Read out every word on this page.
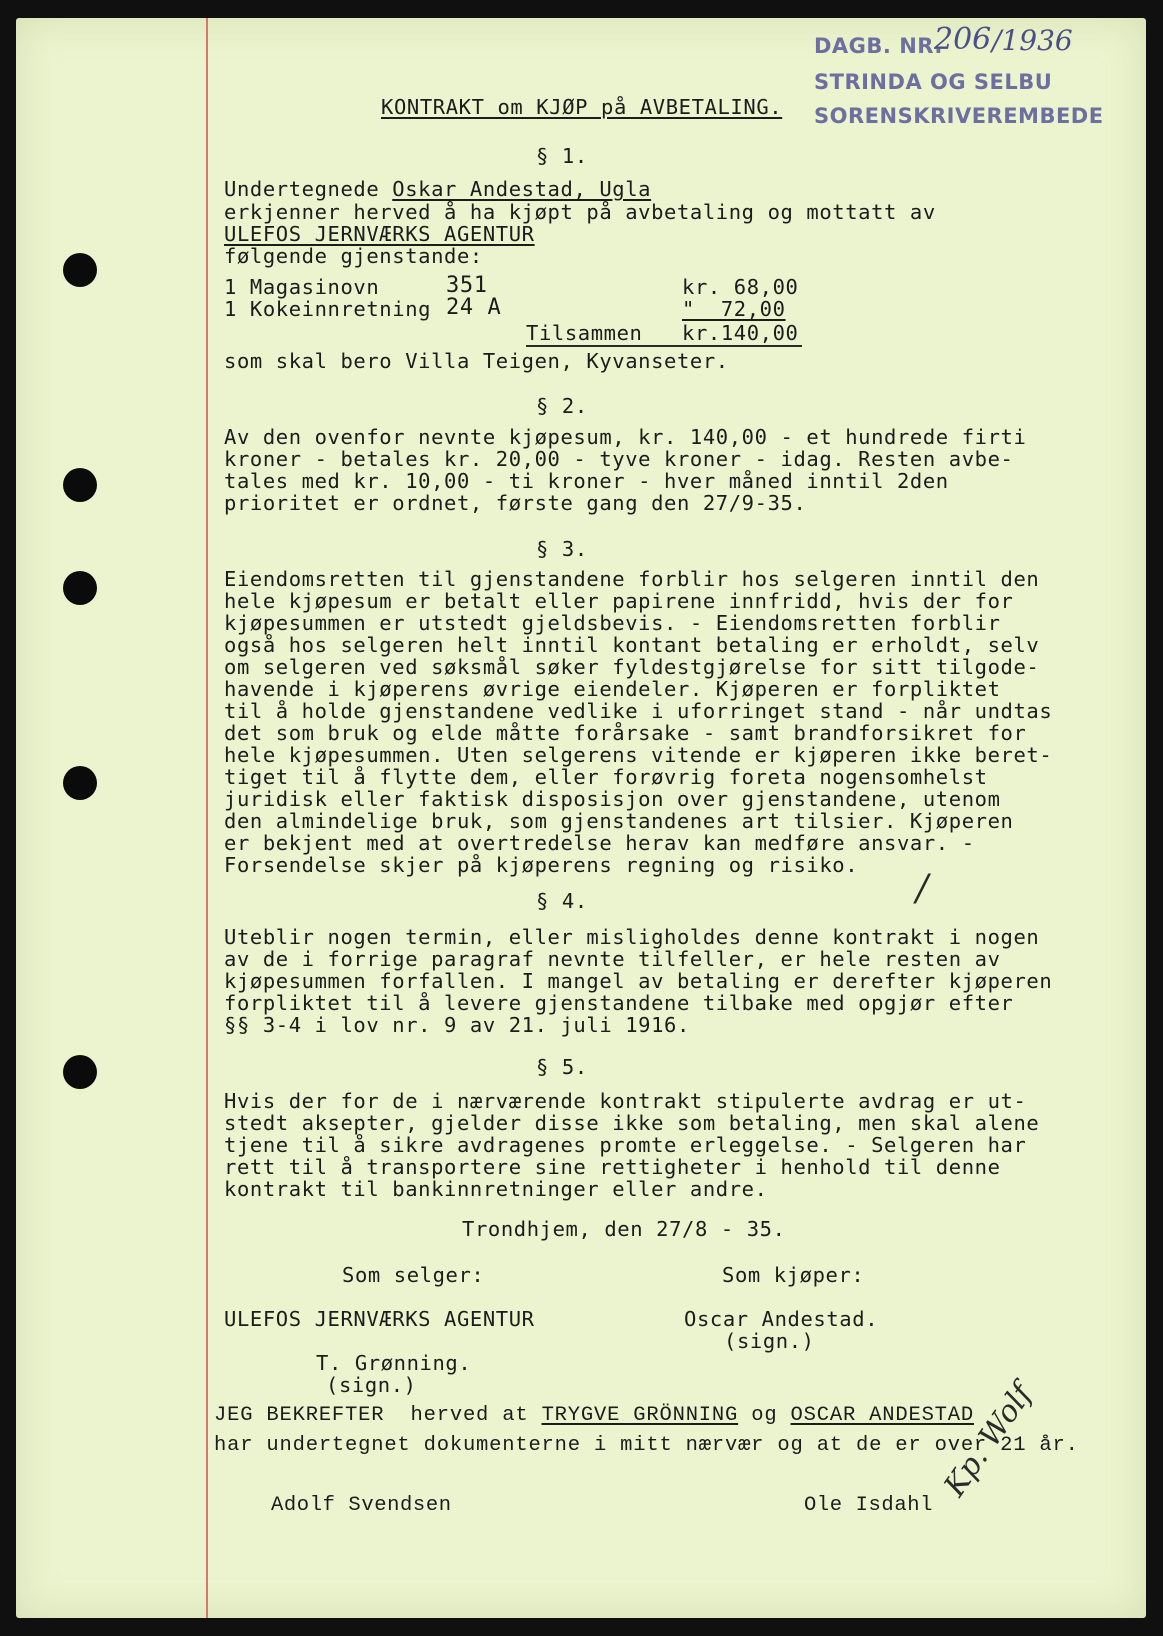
DAGB. NR.
206 /1936
STRINDA OG SELBU
SORENSKRIVEREMBEDE
KONTRAKT om KJØP på AVBETALING.
§ 1.
Undertegnede Oskar Andestad, Ugla
erkjenner herved å ha kjøpt på avbetaling og mottatt av
ULEFOS JERNVÆRKS AGENTUR
følgende gjenstande:
1 Magasinovn	351	kr. 68,00
1 Kokeinnretning 24 A	"  72,00
Tilsammen kr.140,00
som skal bero Villa Teigen, Kyvanseter.
§ 2.
Av den ovenfor nevnte kjøpesum, kr. 140,00 - et hundrede firti
kroner - betales kr. 20,00 - tyve kroner - idag. Resten avbe-
tales med kr. 10,00 - ti kroner - hver måned inntil 2den
prioritet er ordnet, første gang den 27/9-35.
§ 3.
Eiendomsretten til gjenstandene forblir hos selgeren inntil den
hele kjøpesum er betalt eller papirene innfridd, hvis der for
kjøpesummen er utstedt gjeldsbevis. - Eiendomsretten forblir
også hos selgeren helt inntil kontant betaling er erholdt, selv
om selgeren ved søksmål søker fyldestgjørelse for sitt tilgode-
havende i kjøperens øvrige eiendeler. Kjøperen er forpliktet
til å holde gjenstandene vedlike i uforringet stand - når undtas
det som bruk og elde måtte forårsake - samt brandforsikret for
hele kjøpesummen. Uten selgerens vitende er kjøperen ikke beret-
tiget til å flytte dem, eller forøvrig foreta nogensomhelst
juridisk eller faktisk disposisjon over gjenstandene, utenom
den almindelige bruk, som gjenstandenes art tilsier. Kjøperen
er bekjent med at overtredelse herav kan medføre ansvar. -
Forsendelse skjer på kjøperens regning og risiko.
§ 4.	/
Uteblir nogen termin, eller misligholdes denne kontrakt i nogen
av de i forrige paragraf nevnte tilfeller, er hele resten av
kjøpesummen forfallen. I mangel av betaling er derefter kjøperen
forpliktet til å levere gjenstandene tilbake med opgjør efter
§§ 3-4 i lov nr. 9 av 21. juli 1916.
§ 5.
Hvis der for de i nærværende kontrakt stipulerte avdrag er ut-
stedt aksepter, gjelder disse ikke som betaling, men skal alene
tjene til å sikre avdragenes promte erleggelse. - Selgeren har
rett til å transportere sine rettigheter i henhold til denne
kontrakt til bankinnretninger eller andre.
Trondhjem, den 27/8 - 35.
Som selger:	Som kjøper:
ULEFOS JERNVÆRKS AGENTUR	Oscar Andestad.
(sign.)
T. Grønning.
(sign.)
JEG BEKREFTER herved at TRYGVE GRÖNNING og OSCAR ANDESTAD
har undertegnet dokumenterne i mitt nærvær og at de er over 21 år.
Adolf Svendsen	Ole Isdahl
Kp. Wolf
